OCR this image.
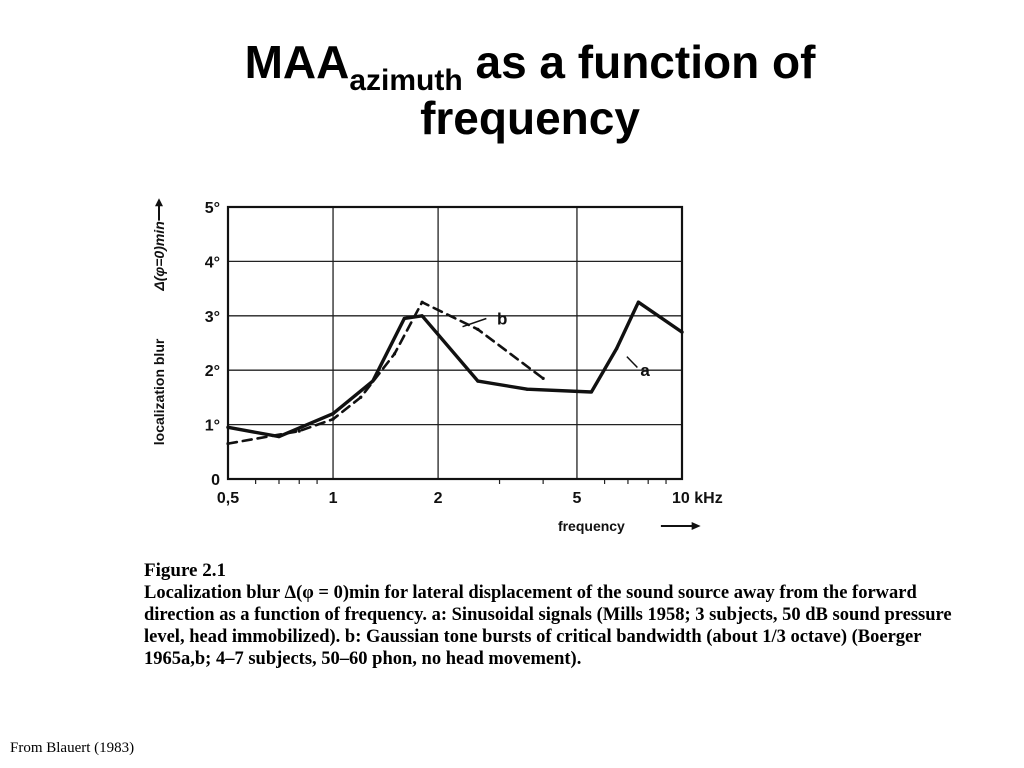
$MAA_{azimuth}$ as a function of
frequency
0
1°
2°
3°
4°
5°
0,5	1	2	5	10 kHz
frequency
localization blur
Δ(φ=0)min
b
a
Figure 2.1
Localization blur Δ(φ = 0)min for lateral displacement of the sound source away from the forward direction as a function of frequency. a: Sinusoidal signals (Mills 1958; 3 subjects, 50 dB sound pressure level, head immobilized). b: Gaussian tone bursts of critical bandwidth (about 1/3 octave) (Boerger 1965a,b; 4–7 subjects, 50–60 phon, no head movement).

From Blauert (1983)
